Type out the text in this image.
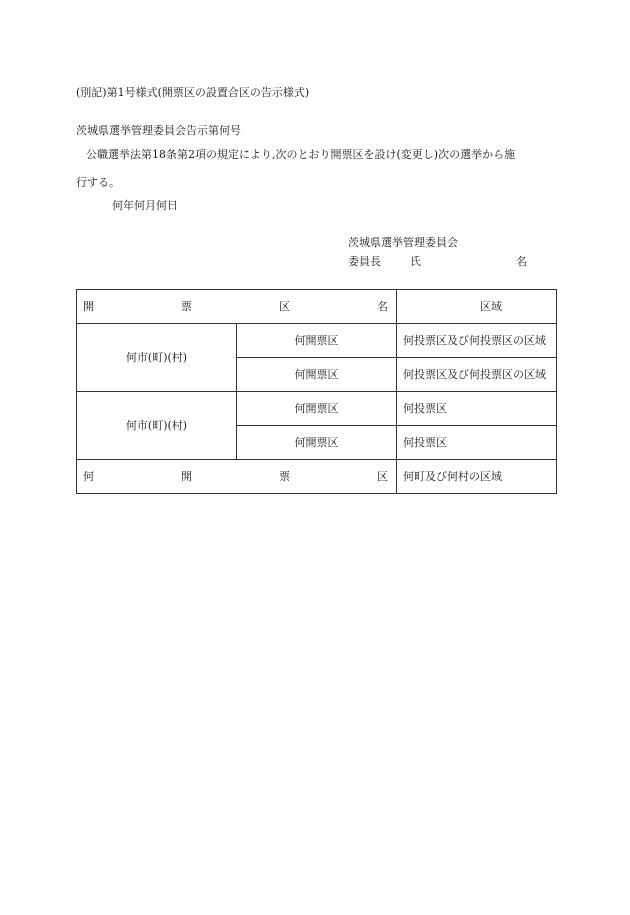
(別記)第1号様式(開票区の設置合区の告示様式)
茨城県選挙管理委員会告示第何号
公職選挙法第18条第2項の規定により,次のとおり開票区を設け(変更し)次の選挙から施
行する。
何年何月何日
茨城県選挙管理委員会
委員長	氏	名
開 票 区 名		区 域

何市(町)(村)	何開票区	何投票区及び何投票区の区域
	何開票区	何投票区及び何投票区の区域
何市(町)(村)	何開票区	何投票区
	何開票区	何投票区

何 開 票 区		何町及び何村の区域
